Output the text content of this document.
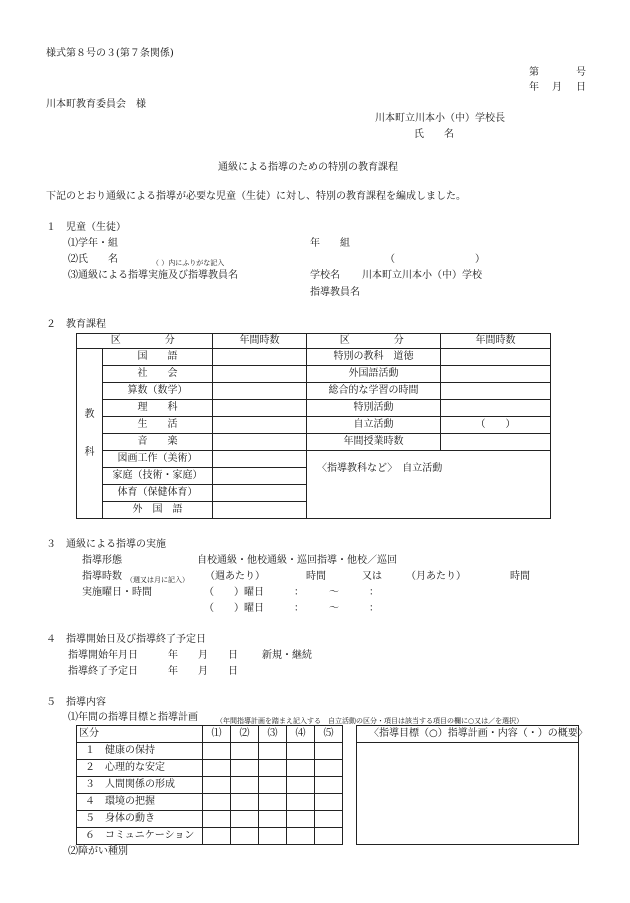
様式第８号の３(第７条関係)
第	号
年 月 日
川本町教育委員会　様
川本町立川本小（中）学校長
氏　　名
通級による指導のための特別の教育課程
下記のとおり通級による指導が必要な児童（生徒）に対し、特別の教育課程を編成しました。
１　児童（生徒）
⑴学年・組	年　　組
⑵氏　　名	（ ）内にふりがな記入	（　　　　　　　　）
⑶通級による指導実施及び指導教員名	学校名 川本町立川本小（中）学校
指導教員名
２　教育課程
区　　　分		年間時数	区　　　分	年間時数

教
科	国　　語		特別の教科　道徳	
	社　　会		外国語活動	
	算数（数学）		総合的な学習の時間	
	理　　科		特別活動	
	生　　活		自立活動	（　　）
	音　　楽		年間授業時数	
	図画工作（美術）		〈指導教科など〉　自立活動	
	家庭（技術・家庭）			
	体育（保健体育）			
	外　国　語			
３　通級による指導の実施
指導形態	自校通級・他校通級・巡回指導・他校／巡回
指導時数 （週又は月に記入） （週あたり）	時間	又は （月あたり）	時間
実施曜日・時間	（　　）曜日　　　：　　　～　　　：
（　　）曜日　　　：　　　～　　　：
４　指導開始日及び指導終了予定日
指導開始年月日	年　　月　　日 新規・継続
指導終了予定日	年　　月　　日
５　指導内容
⑴年間の指導目標と指導計画	（年間指導計画を踏まえ記入する　自立活動の区分・項目は該当する項目の欄に○又は／を選択）
区分	⑴	⑵	⑶	⑷	⑸
１　健康の保持					
２　心理的な安定					
３　人間関係の形成					
４　環境の把握					
５　身体の動き					
６　コミュニケーション					
〈指導目標（○）指導計画・内容（・）の概要〉
⑵障がい種別
